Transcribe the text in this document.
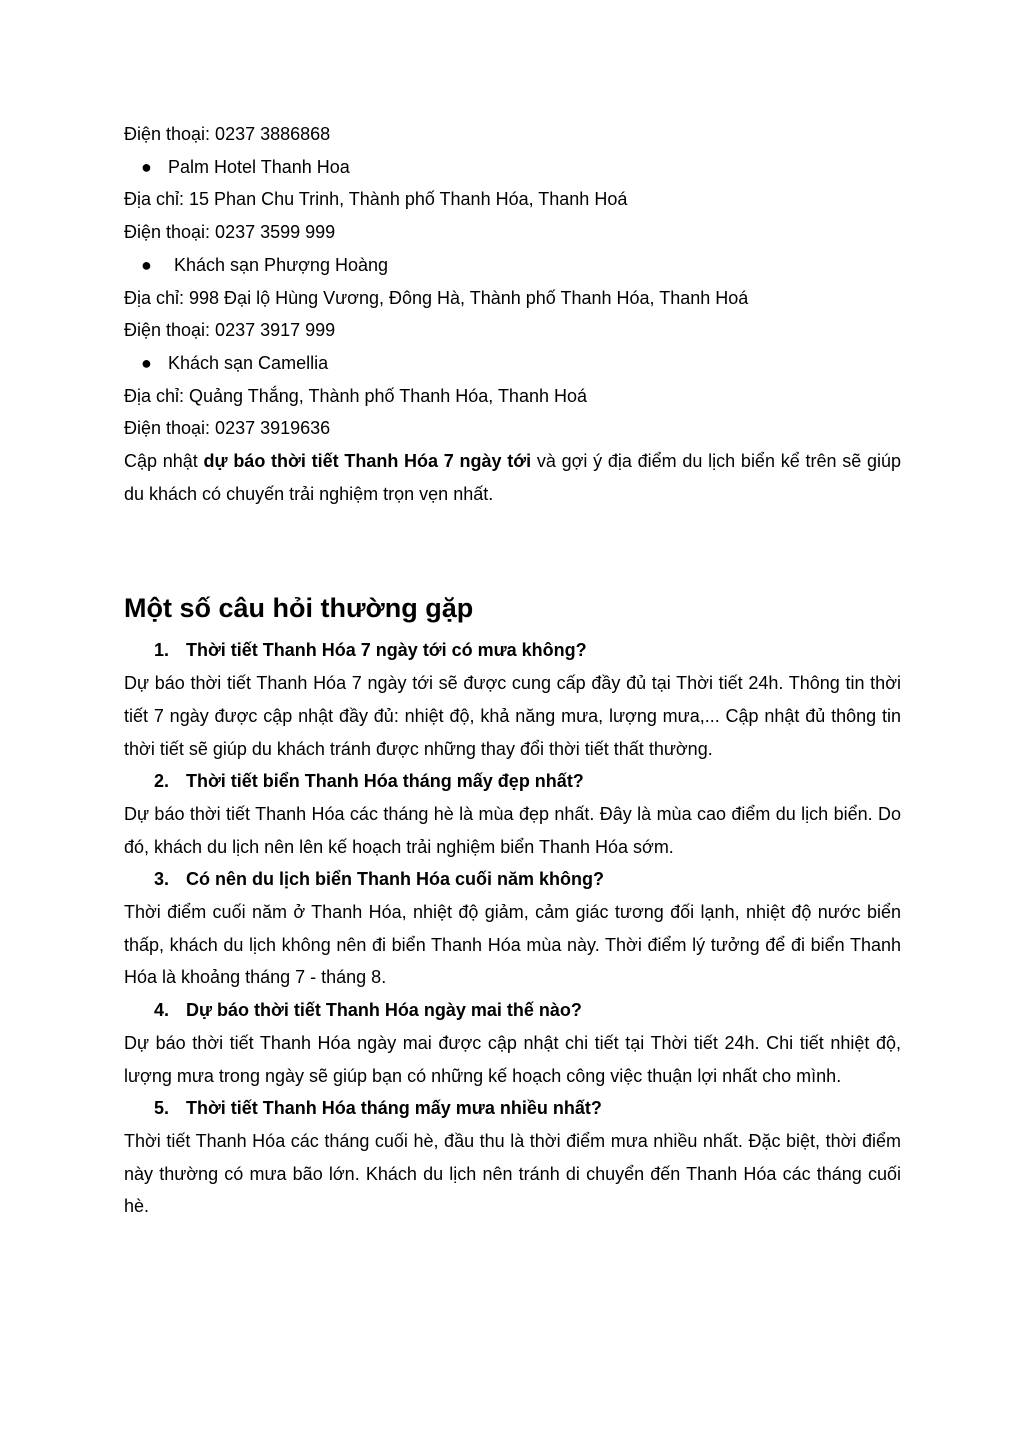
Điện thoại: 0237 3886868

● Palm Hotel Thanh Hoa

Địa chỉ: 15 Phan Chu Trinh, Thành phố Thanh Hóa, Thanh Hoá

Điện thoại: 0237 3599 999

● Khách sạn Phượng Hoàng

Địa chỉ: 998 Đại lộ Hùng Vương, Đông Hà, Thành phố Thanh Hóa, Thanh Hoá

Điện thoại: 0237 3917 999

● Khách sạn Camellia

Địa chỉ: Quảng Thắng, Thành phố Thanh Hóa, Thanh Hoá

Điện thoại: 0237 3919636

Cập nhật dự báo thời tiết Thanh Hóa 7 ngày tới và gợi ý địa điểm du lịch biển kể trên sẽ giúp du khách có chuyến trải nghiệm trọn vẹn nhất.

Một số câu hỏi thường gặp

1. Thời tiết Thanh Hóa 7 ngày tới có mưa không?

Dự báo thời tiết Thanh Hóa 7 ngày tới sẽ được cung cấp đầy đủ tại Thời tiết 24h. Thông tin thời tiết 7 ngày được cập nhật đầy đủ: nhiệt độ, khả năng mưa, lượng mưa,... Cập nhật đủ thông tin thời tiết sẽ giúp du khách tránh được những thay đổi thời tiết thất thường.

2. Thời tiết biển Thanh Hóa tháng mấy đẹp nhất?

Dự báo thời tiết Thanh Hóa các tháng hè là mùa đẹp nhất. Đây là mùa cao điểm du lịch biển. Do đó, khách du lịch nên lên kế hoạch trải nghiệm biển Thanh Hóa sớm.

3. Có nên du lịch biển Thanh Hóa cuối năm không?

Thời điểm cuối năm ở Thanh Hóa, nhiệt độ giảm, cảm giác tương đối lạnh, nhiệt độ nước biển thấp, khách du lịch không nên đi biển Thanh Hóa mùa này. Thời điểm lý tưởng để đi biển Thanh Hóa là khoảng tháng 7 - tháng 8.

4. Dự báo thời tiết Thanh Hóa ngày mai thế nào?

Dự báo thời tiết Thanh Hóa ngày mai được cập nhật chi tiết tại Thời tiết 24h. Chi tiết nhiệt độ, lượng mưa trong ngày sẽ giúp bạn có những kế hoạch công việc thuận lợi nhất cho mình.

5. Thời tiết Thanh Hóa tháng mấy mưa nhiều nhất?

Thời tiết Thanh Hóa các tháng cuối hè, đầu thu là thời điểm mưa nhiều nhất. Đặc biệt, thời điểm này thường có mưa bão lớn. Khách du lịch nên tránh di chuyển đến Thanh Hóa các tháng cuối hè.
